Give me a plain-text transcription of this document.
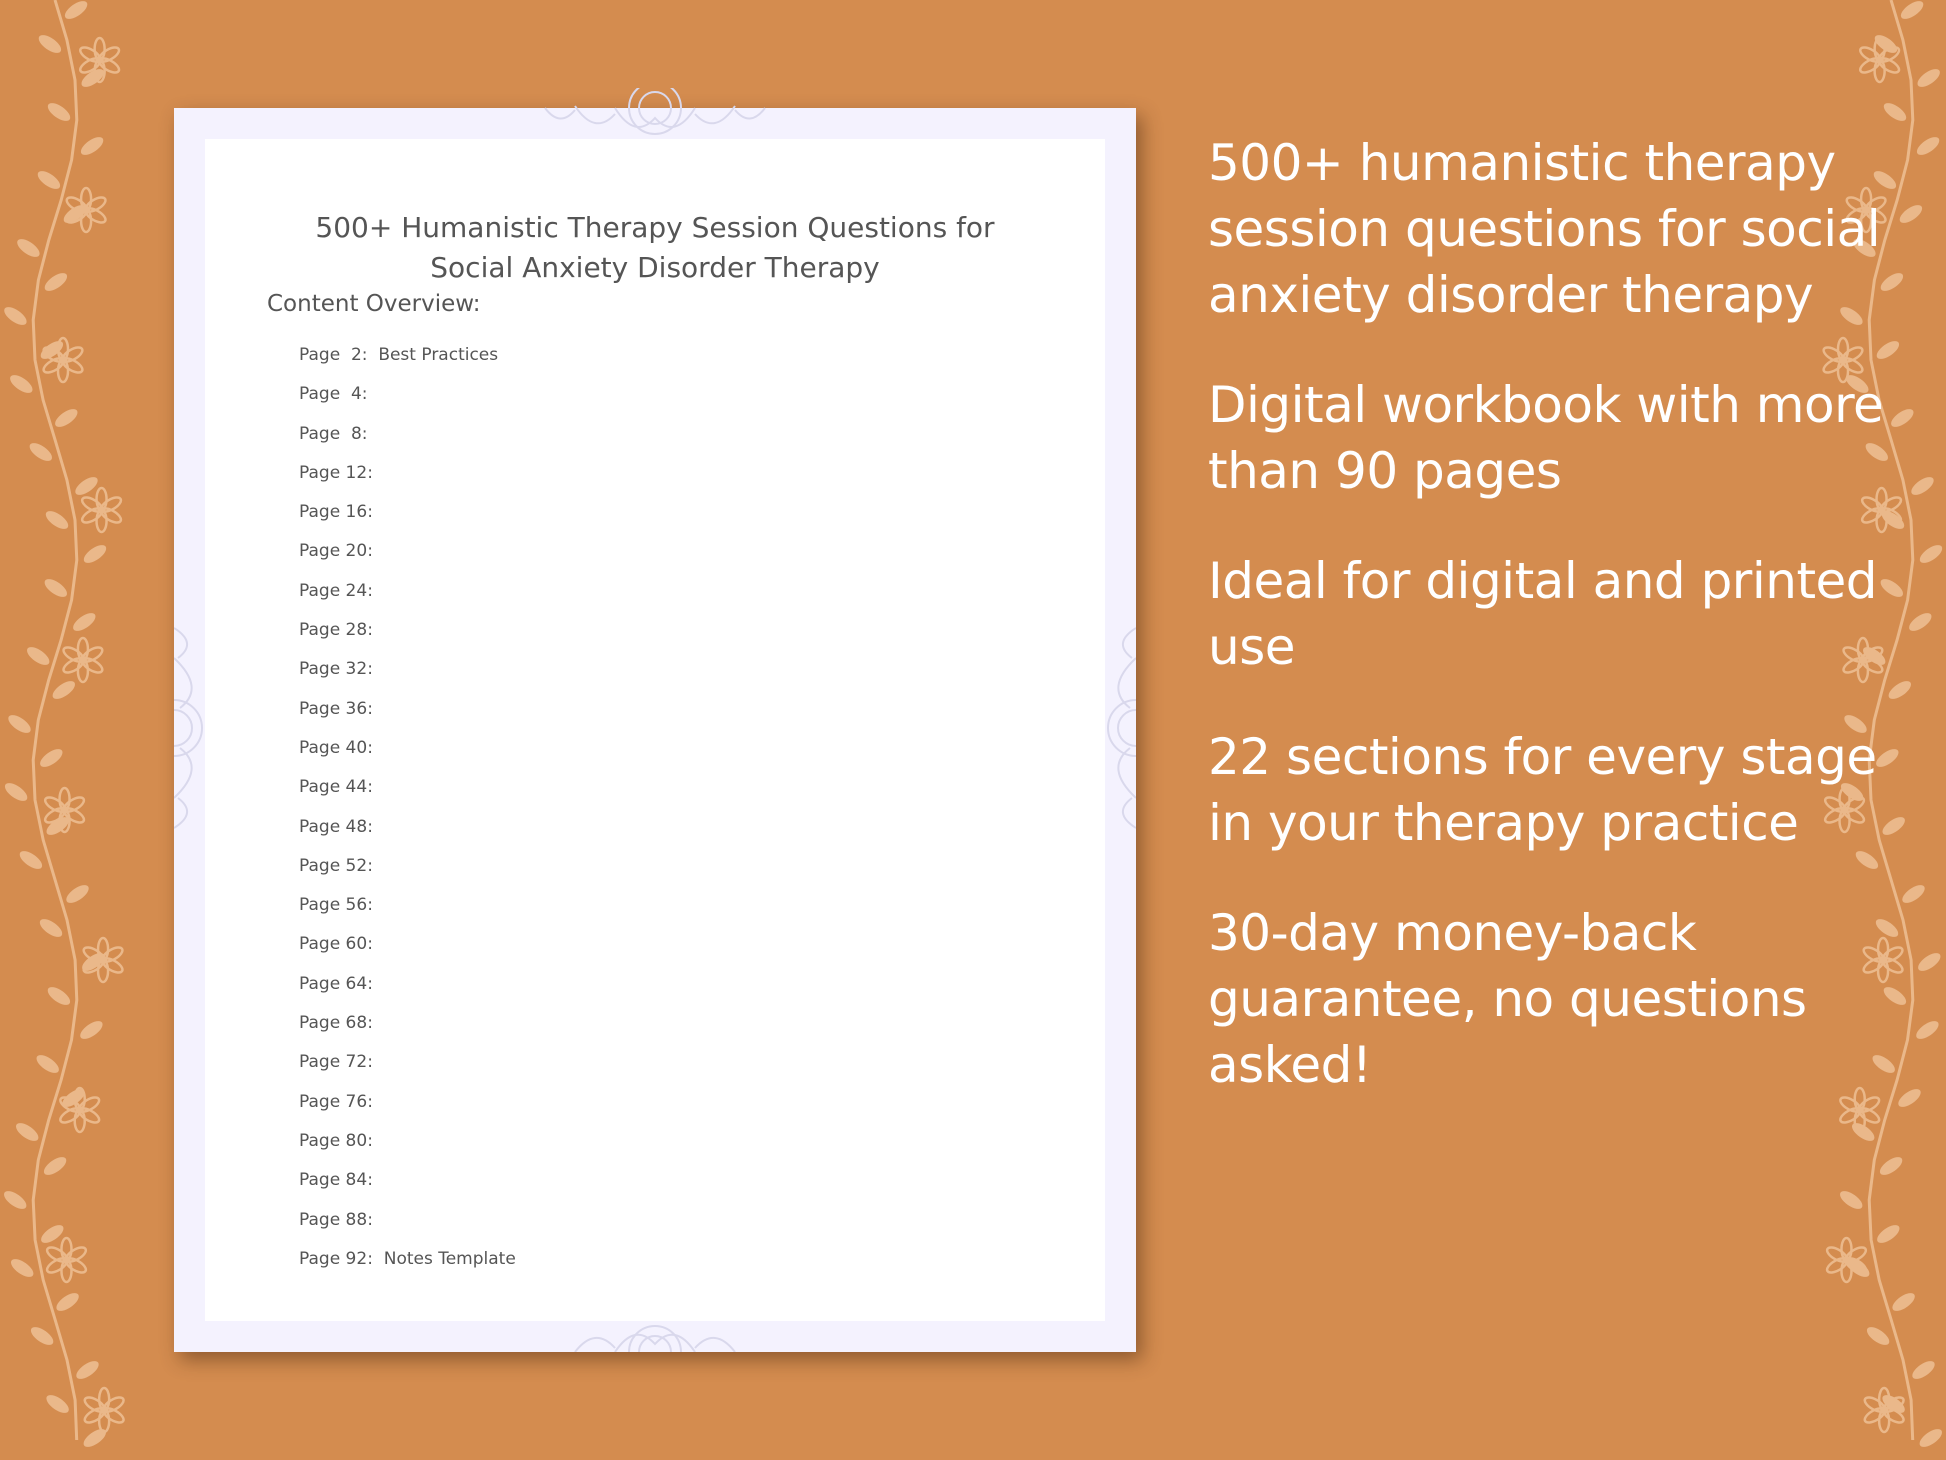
500+ Humanistic Therapy Session Questions for
Social Anxiety Disorder Therapy
Content Overview:
Page  2:  Best Practices
Page  4:
Page  8:
Page 12:
Page 16:
Page 20:
Page 24:
Page 28:
Page 32:
Page 36:
Page 40:
Page 44:
Page 48:
Page 52:
Page 56:
Page 60:
Page 64:
Page 68:
Page 72:
Page 76:
Page 80:
Page 84:
Page 88:
Page 92:  Notes Template

500+ humanistic therapy session questions for social anxiety disorder therapy

Digital workbook with more than 90 pages

Ideal for digital and printed use

22 sections for every stage in your therapy practice

30-day money-back guarantee, no questions asked!
